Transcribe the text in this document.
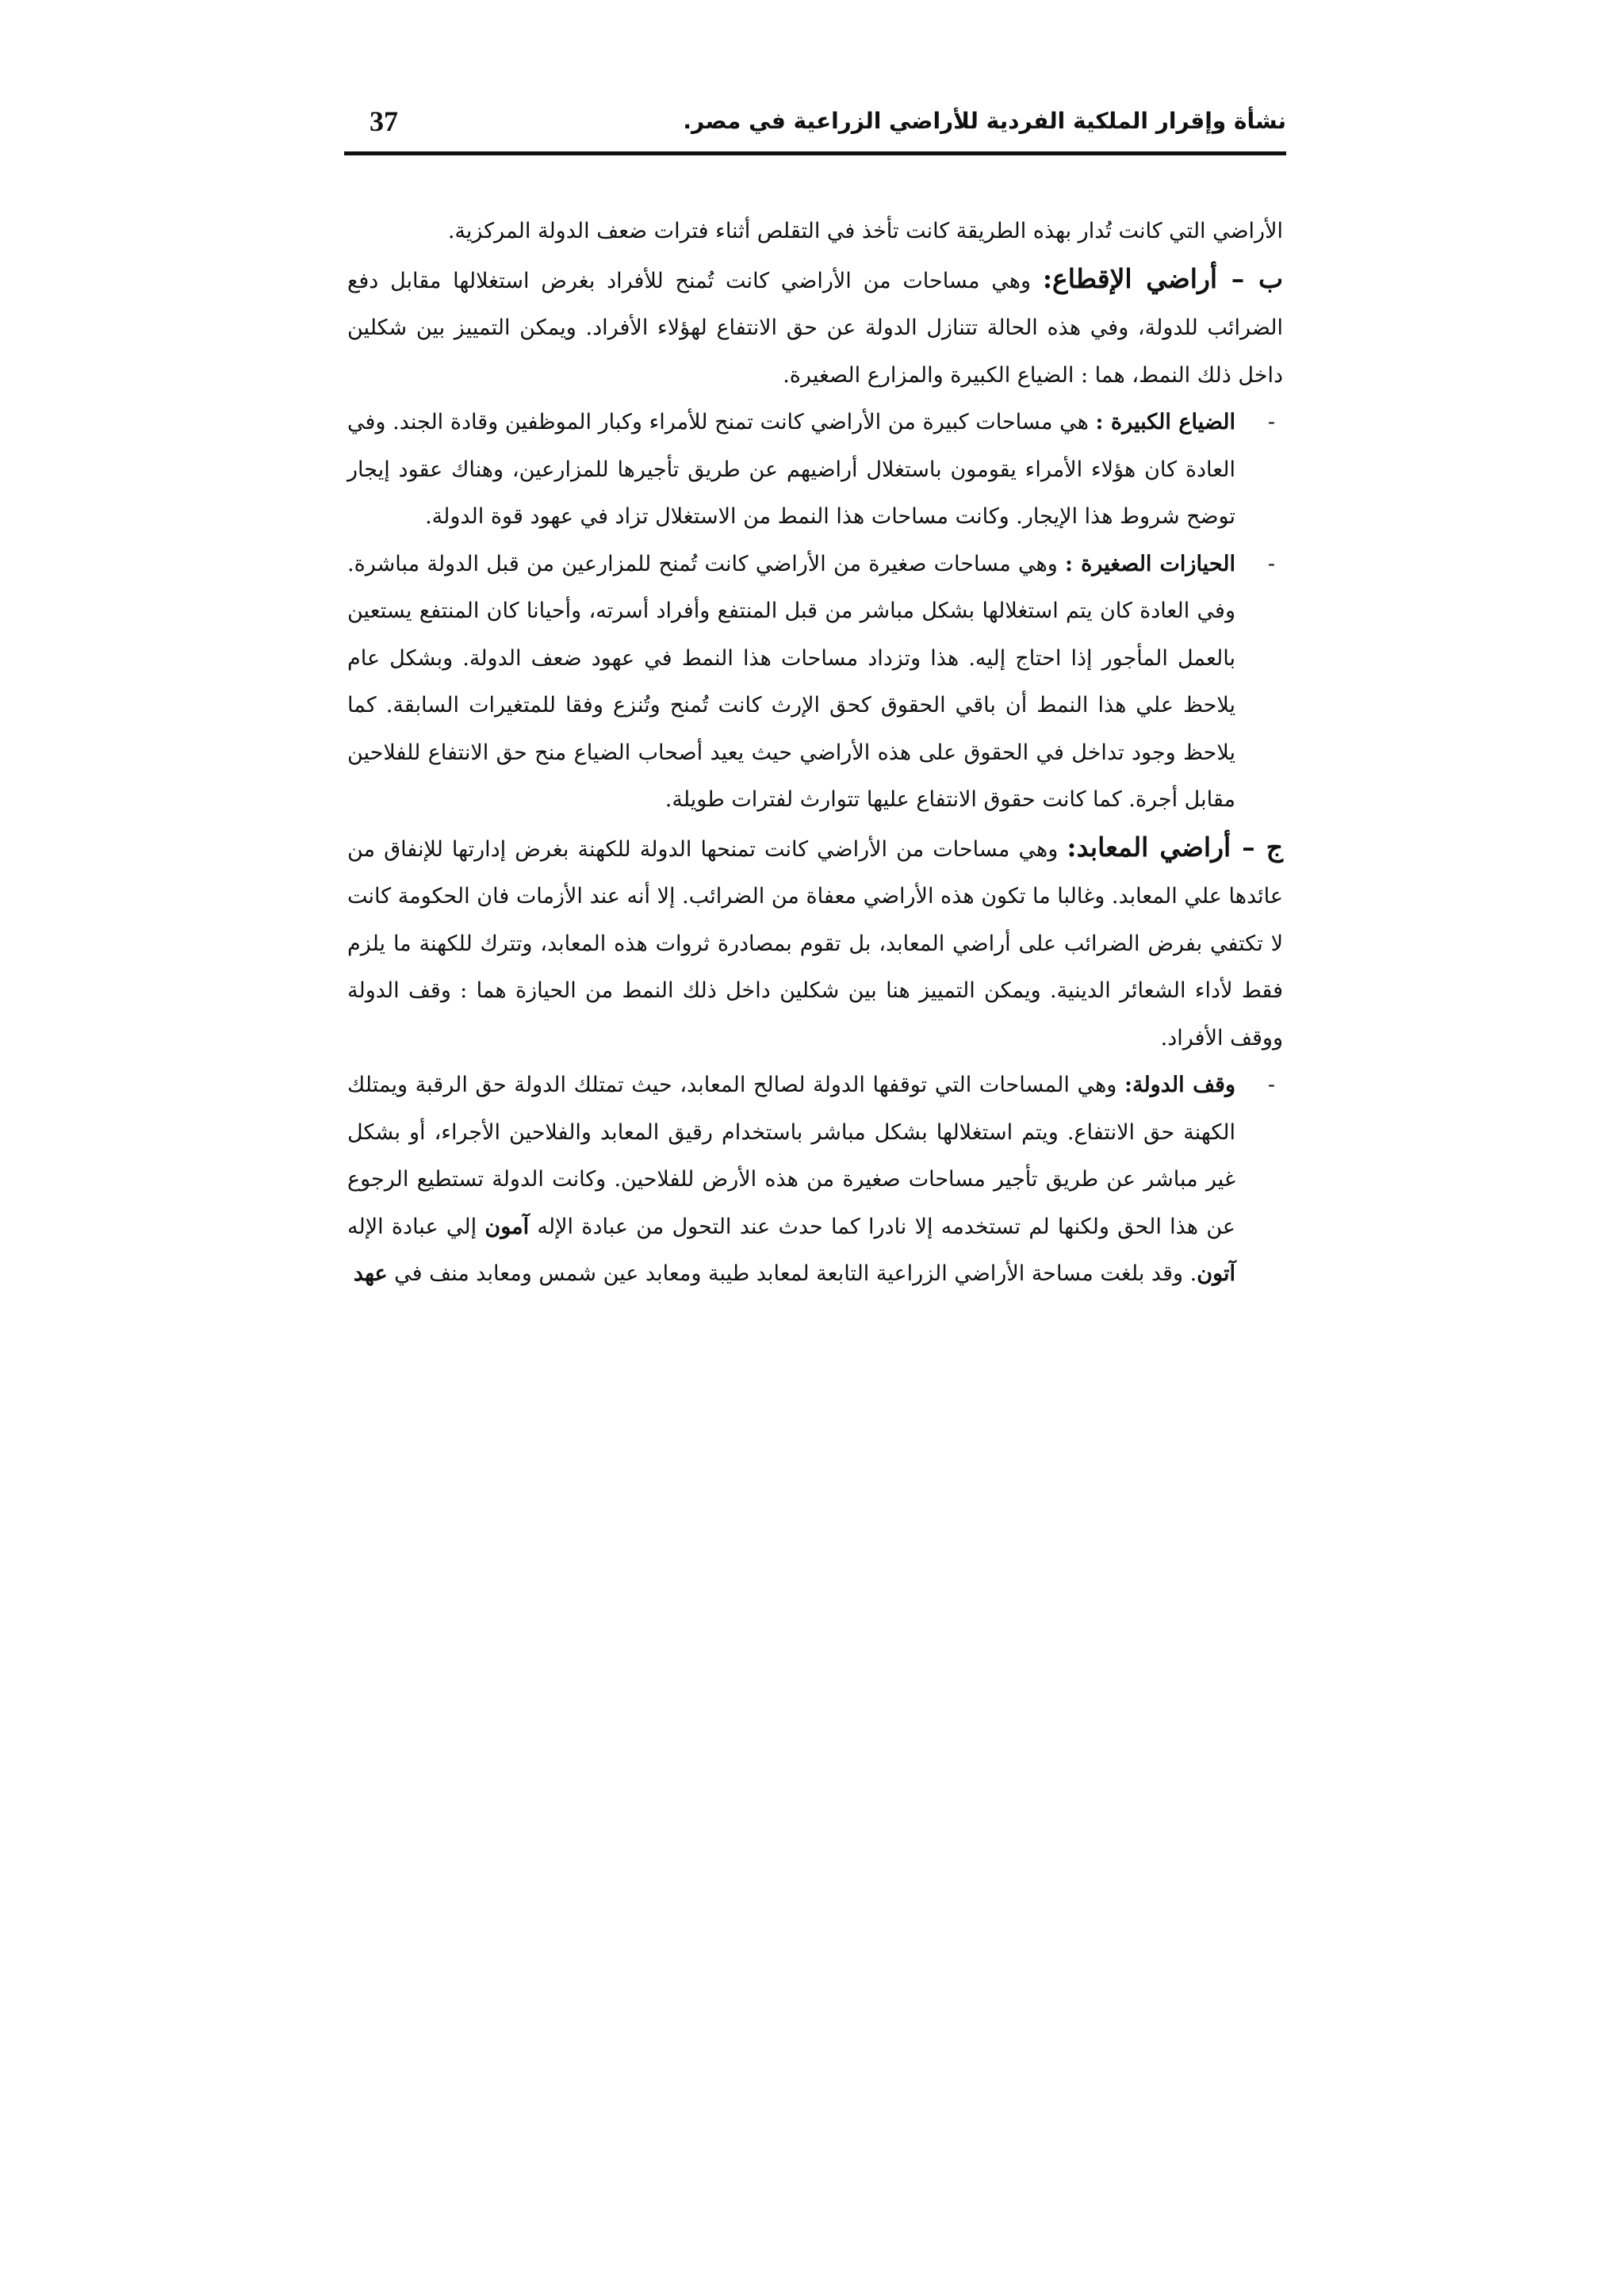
نشأة وإقرار الملكية الفردية للأراضي الزراعية في مصر.
37

الأراضي التي كانت تُدار بهذه الطريقة كانت تأخذ في التقلص أثناء فترات ضعف الدولة المركزية.

ب – أراضي الإقطاع: وهي مساحات من الأراضي كانت تُمنح للأفراد بغرض استغلالها مقابل دفع الضرائب للدولة، وفي هذه الحالة تتنازل الدولة عن حق الانتفاع لهؤلاء الأفراد. ويمكن التمييز بين شكلين داخل ذلك النمط، هما : الضياع الكبيرة والمزارع الصغيرة.

-
الضياع الكبيرة : هي مساحات كبيرة من الأراضي كانت تمنح للأمراء وكبار الموظفين وقادة الجند. وفي العادة كان هؤلاء الأمراء يقومون باستغلال أراضيهم عن طريق تأجيرها للمزارعين، وهناك عقود إيجار توضح شروط هذا الإيجار. وكانت مساحات هذا النمط من الاستغلال تزاد في عهود قوة الدولة.

-
الحيازات الصغيرة : وهي مساحات صغيرة من الأراضي كانت تُمنح للمزارعين من قبل الدولة مباشرة. وفي العادة كان يتم استغلالها بشكل مباشر من قبل المنتفع وأفراد أسرته، وأحيانا كان المنتفع يستعين بالعمل المأجور إذا احتاج إليه. هذا وتزداد مساحات هذا النمط في عهود ضعف الدولة. وبشكل عام يلاحظ علي هذا النمط أن باقي الحقوق كحق الإرث كانت تُمنح وتُنزع وفقا للمتغيرات السابقة. كما يلاحظ وجود تداخل في الحقوق على هذه الأراضي حيث يعيد أصحاب الضياع منح حق الانتفاع للفلاحين مقابل أجرة. كما كانت حقوق الانتفاع عليها تتوارث لفترات طويلة.

ج – أراضي المعابد: وهي مساحات من الأراضي كانت تمنحها الدولة للكهنة بغرض إدارتها للإنفاق من عائدها علي المعابد. وغالبا ما تكون هذه الأراضي معفاة من الضرائب. إلا أنه عند الأزمات فان الحكومة كانت لا تكتفي بفرض الضرائب على أراضي المعابد، بل تقوم بمصادرة ثروات هذه المعابد، وتترك للكهنة ما يلزم فقط لأداء الشعائر الدينية. ويمكن التمييز هنا بين شكلين داخل ذلك النمط من الحيازة هما : وقف الدولة ووقف الأفراد.

-
وقف الدولة: وهي المساحات التي توقفها الدولة لصالح المعابد، حيث تمتلك الدولة حق الرقبة ويمتلك الكهنة حق الانتفاع. ويتم استغلالها بشكل مباشر باستخدام رقيق المعابد والفلاحين الأجراء، أو بشكل غير مباشر عن طريق تأجير مساحات صغيرة من هذه الأرض للفلاحين. وكانت الدولة تستطيع الرجوع عن هذا الحق ولكنها لم تستخدمه إلا نادرا كما حدث عند التحول من عبادة الإله آمون إلي عبادة الإله آتون. وقد بلغت مساحة الأراضي الزراعية التابعة لمعابد طيبة ومعابد عين شمس ومعابد منف في عهد
